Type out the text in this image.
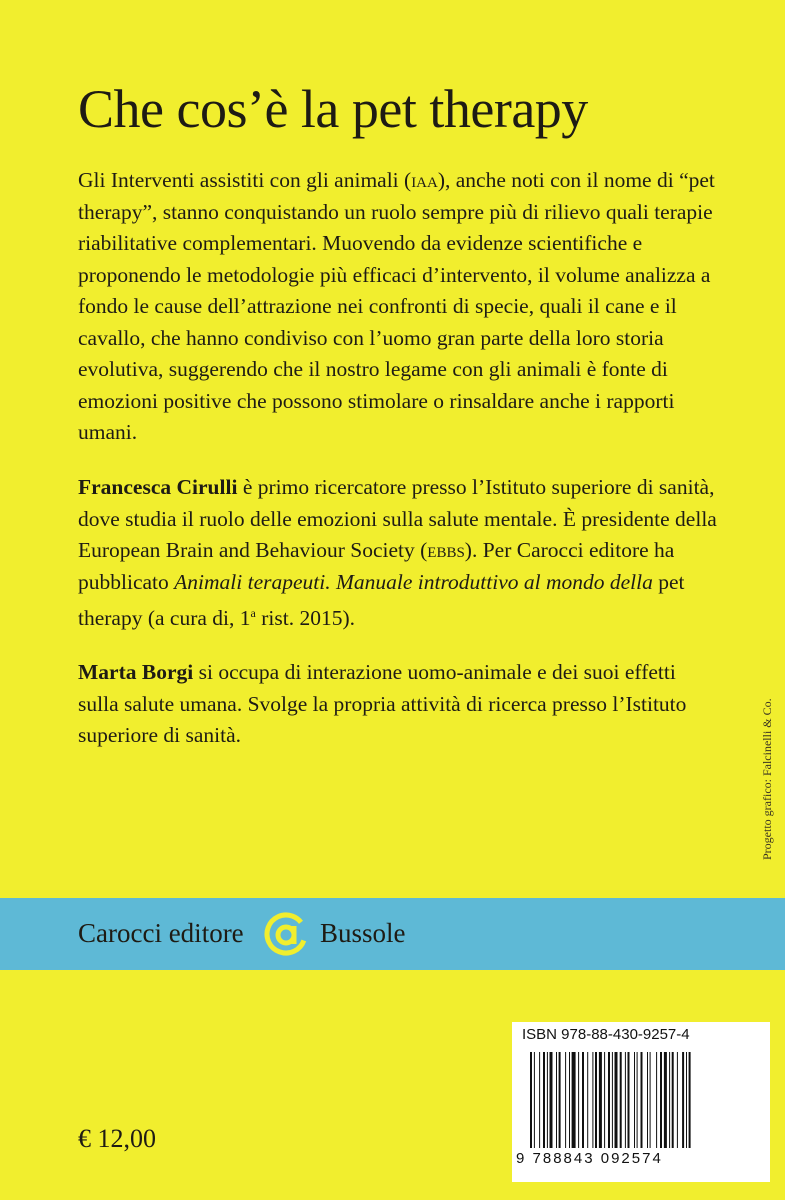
Che cos’è la pet therapy

Gli Interventi assistiti con gli animali (iaa), anche noti con il nome di “pet therapy”, stanno conquistando un ruolo sempre più di rilievo quali terapie riabilitative complementari. Muovendo da evidenze scientifiche e proponendo le metodologie più efficaci d’intervento, il volume analizza a fondo le cause dell’attrazione nei confronti di specie, quali il cane e il cavallo, che hanno condiviso con l’uomo gran parte della loro storia evolutiva, suggerendo che il nostro legame con gli animali è fonte di emozioni positive che possono stimolare o rinsaldare anche i rapporti umani.

Francesca Cirulli è primo ricercatore presso l’Istituto superiore di sanità, dove studia il ruolo delle emozioni sulla salute mentale. È presidente della European Brain and Behaviour Society (ebbs). Per Carocci editore ha pubblicato Animali terapeuti. Manuale introduttivo al mondo della pet therapy (a cura di, 1$^a$ rist. 2015).

Marta Borgi si occupa di interazione uomo-animale e dei suoi effetti sulla salute umana. Svolge la propria attività di ricerca presso l’Istituto superiore di sanità.	Progetto grafico: Falcinelli & Co.
Carocci editore	Bussole
ISBN 978-88-430-9257-4
9 788843 092574
€ 12,00
